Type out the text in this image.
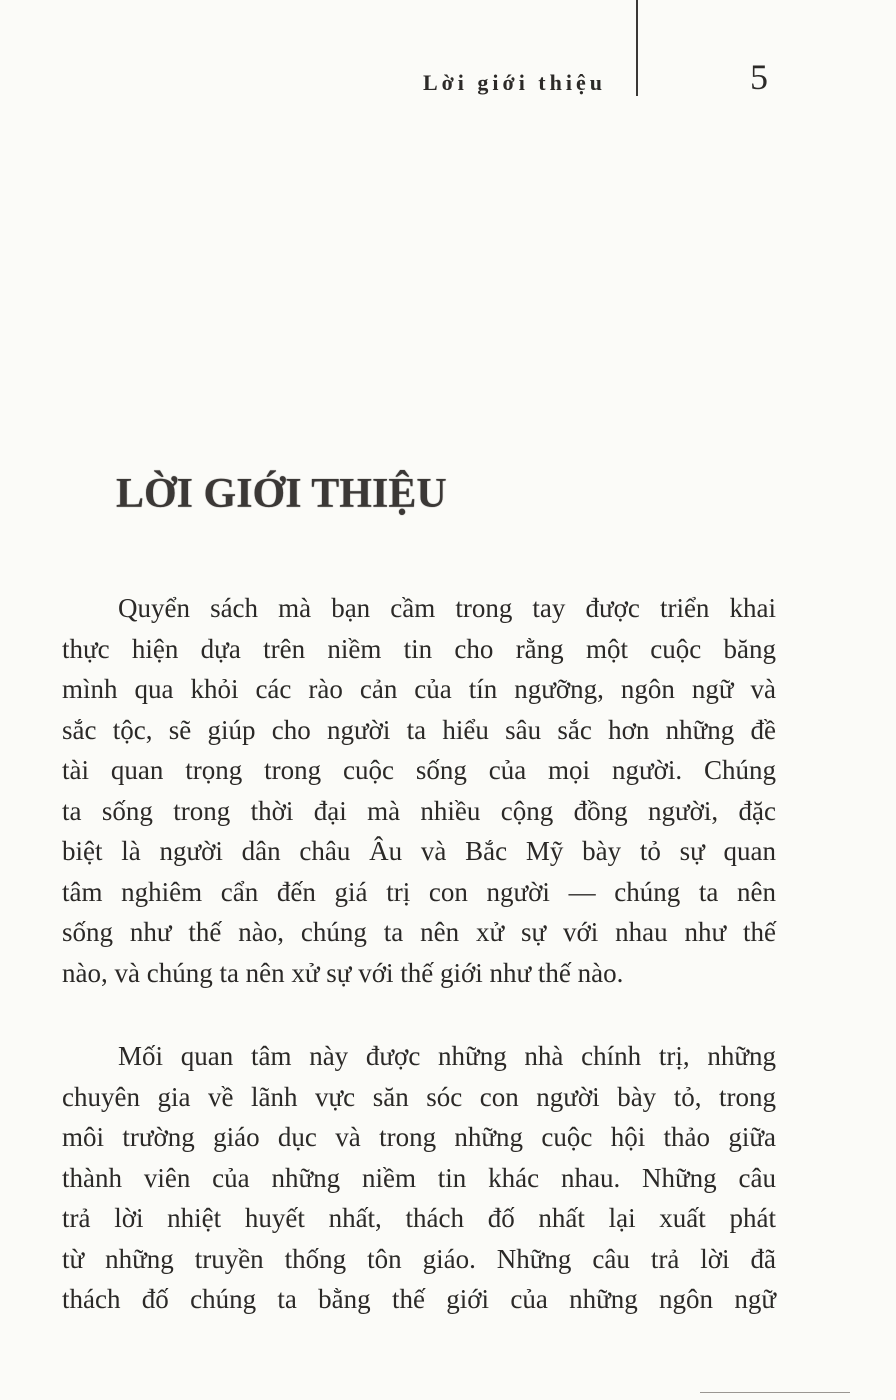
Lời giới thiệu	5
LỜI GIỚI THIỆU
Quyển sách mà bạn cầm trong tay được triển khai
thực hiện dựa trên niềm tin cho rằng một cuộc băng
mình qua khỏi các rào cản của tín ngưỡng, ngôn ngữ và
sắc tộc, sẽ giúp cho người ta hiểu sâu sắc hơn những đề
tài quan trọng trong cuộc sống của mọi người. Chúng
ta sống trong thời đại mà nhiều cộng đồng người, đặc
biệt là người dân châu Âu và Bắc Mỹ bày tỏ sự quan
tâm nghiêm cẩn đến giá trị con người — chúng ta nên
sống như thế nào, chúng ta nên xử sự với nhau như thế
nào, và chúng ta nên xử sự với thế giới như thế nào.
Mối quan tâm này được những nhà chính trị, những
chuyên gia về lãnh vực săn sóc con người bày tỏ, trong
môi trường giáo dục và trong những cuộc hội thảo giữa
thành viên của những niềm tin khác nhau. Những câu
trả lời nhiệt huyết nhất, thách đố nhất lại xuất phát
từ những truyền thống tôn giáo. Những câu trả lời đã
thách đố chúng ta bằng thế giới của những ngôn ngữ
